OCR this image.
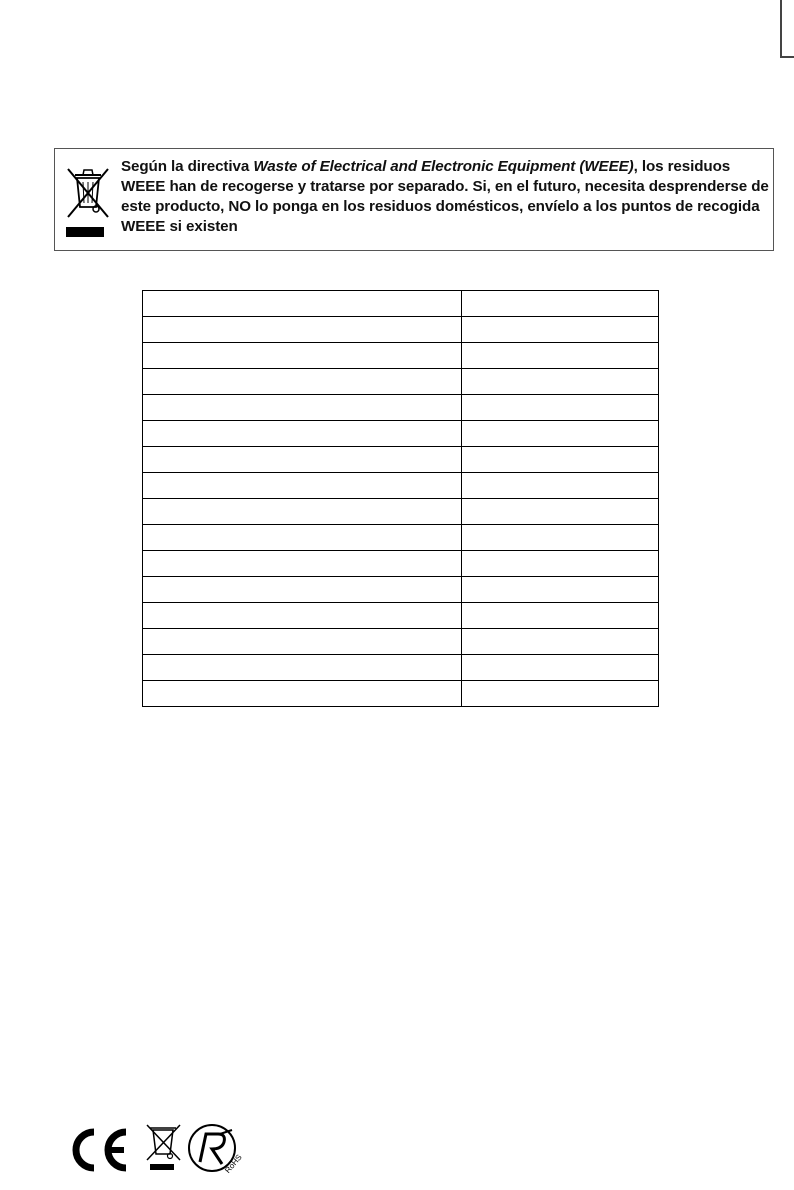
Según la directiva Waste of Electrical and Electronic Equipment (WEEE), los residuos WEEE han de recogerse y tratarse por separado. Si, en el futuro, necesita desprenderse de este producto, NO lo ponga en los residuos domésticos, envíelo a los puntos de recogida WEEE si existen

CE
RoHS
